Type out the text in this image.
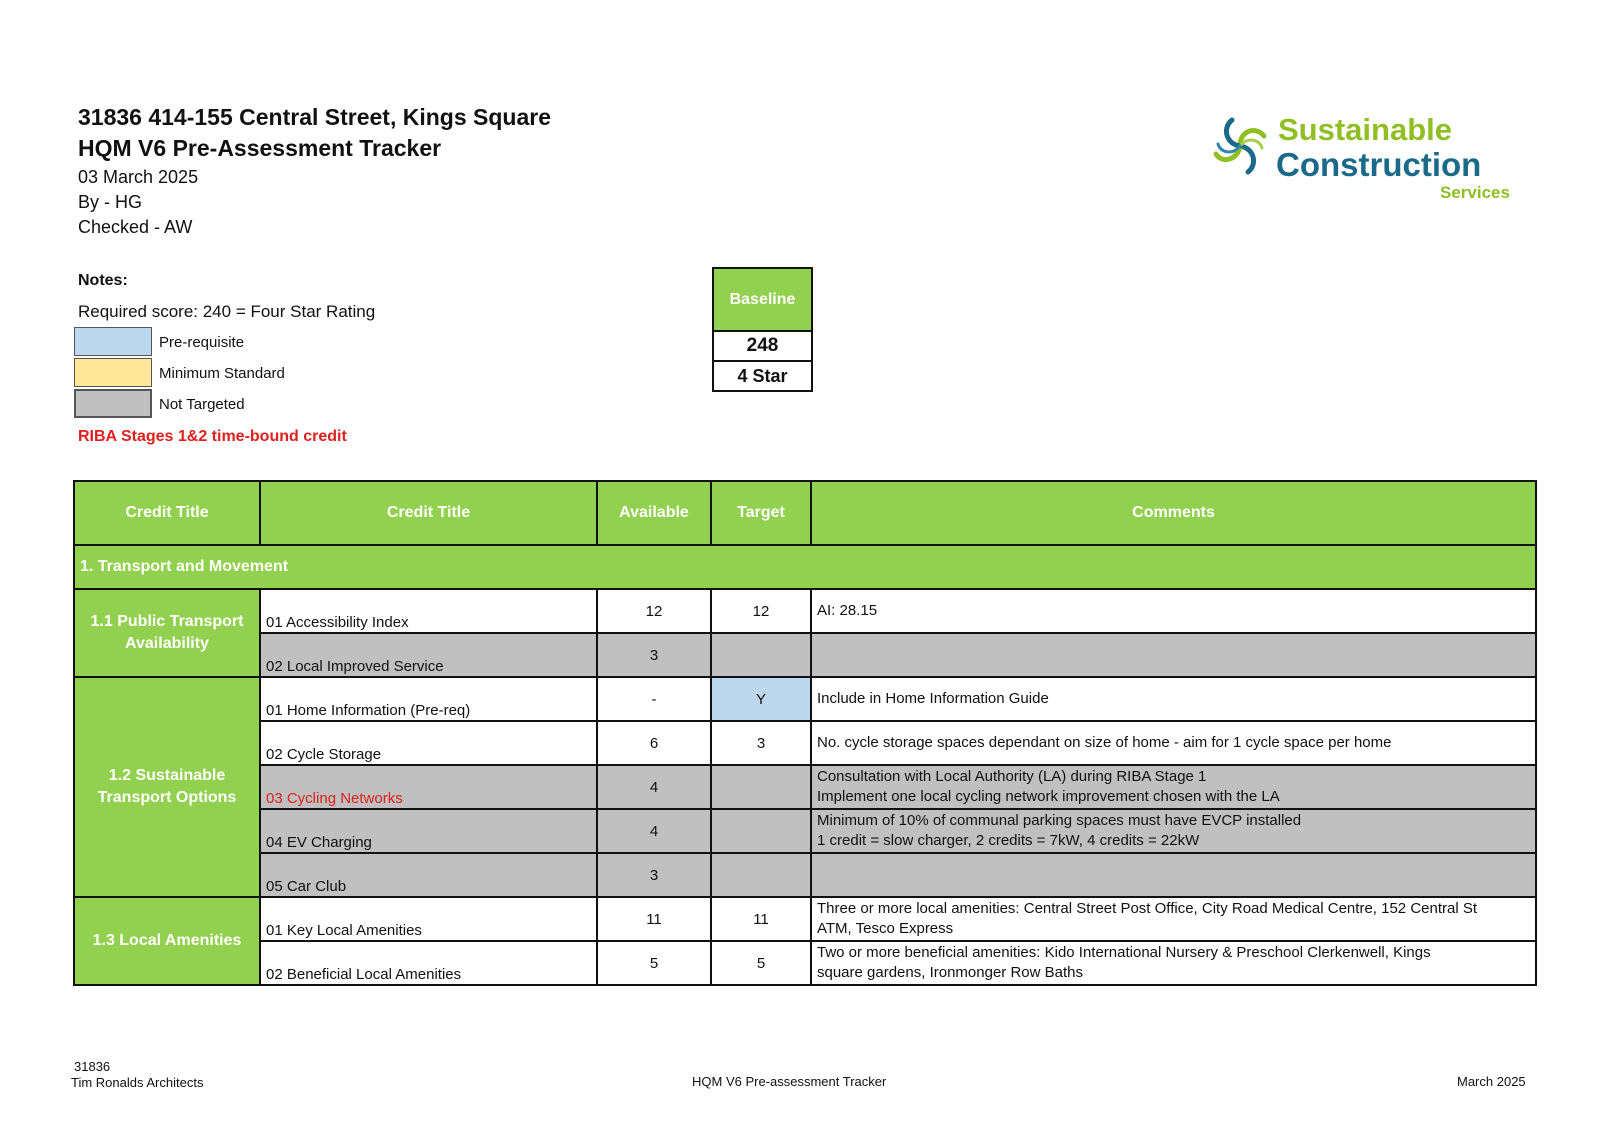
31836 414-155 Central Street, Kings Square
HQM V6 Pre-Assessment Tracker
03 March 2025
By - HG
Checked - AW
Sustainable
Construction
Services
Notes:
Required score: 240 = Four Star Rating
Pre-requisite
Minimum Standard
Not Targeted
RIBA Stages 1&2 time-bound credit
Baseline
248
4 Star
Credit Title	Credit Title	Available	Target	Comments
1. Transport and Movement				
1.1 Public Transport Availability	01 Accessibility Index	12	12	AI: 28.15
	02 Local Improved Service	3		
1.2 Sustainable Transport Options	01 Home Information (Pre-req)	-	Y	Include in Home Information Guide
	02 Cycle Storage	6	3	No. cycle storage spaces dependant on size of home - aim for 1 cycle space per home
	03 Cycling Networks	4		Consultation with Local Authority (LA) during RIBA Stage 1
Implement one local cycling network improvement chosen with the LA
	04 EV Charging	4		Minimum of 10% of communal parking spaces must have EVCP installed
1 credit = slow charger, 2 credits = 7kW, 4 credits = 22kW
	05 Car Club	3		
1.3 Local Amenities	01 Key Local Amenities	11	11	Three or more local amenities: Central Street Post Office, City Road Medical Centre, 152 Central St
ATM, Tesco Express
	02 Beneficial Local Amenities	5	5	Two or more beneficial amenities: Kido International Nursery & Preschool Clerkenwell, Kings
square gardens, Ironmonger Row Baths
31836
Tim Ronalds Architects	HQM V6 Pre-assessment Tracker	March 2025
